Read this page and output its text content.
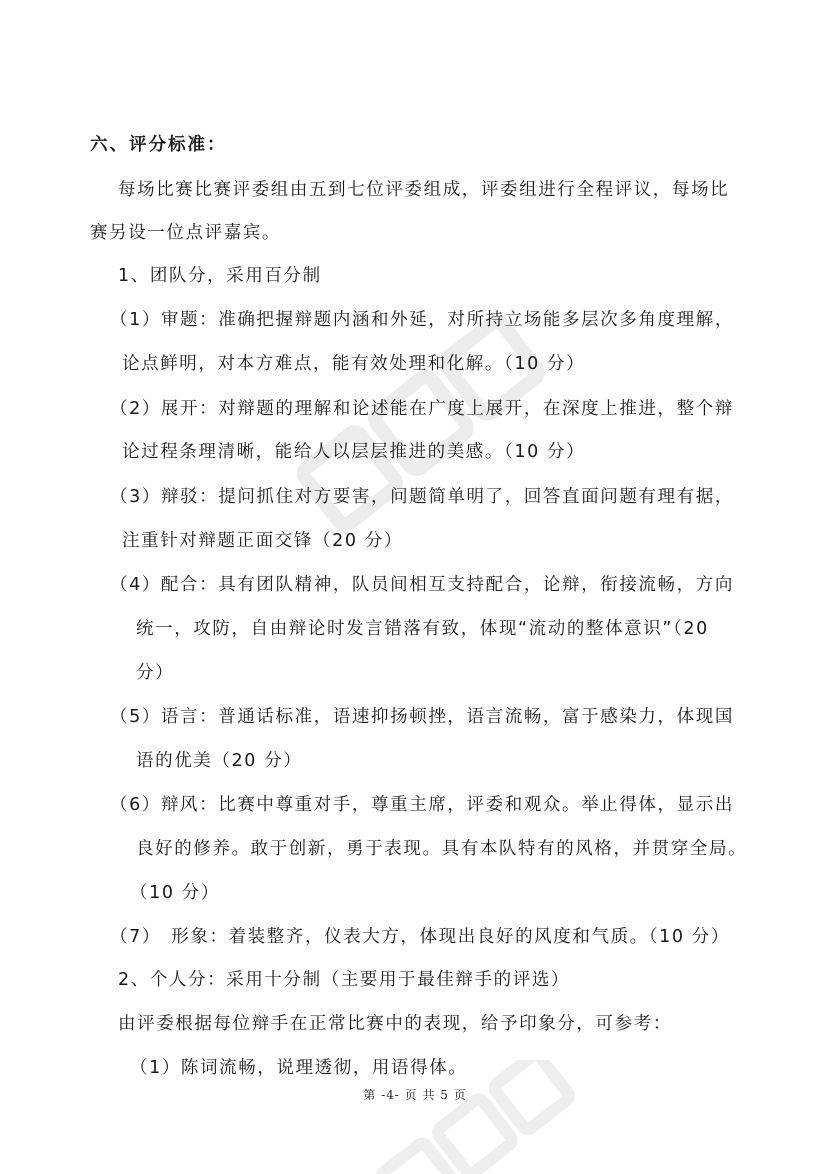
六、评分标准：
每场比赛比赛评委组由五到七位评委组成，评委组进行全程评议，每场比
赛另设一位点评嘉宾。
1、团队分，采用百分制
（1）审题：准确把握辩题内涵和外延，对所持立场能多层次多角度理解，
论点鲜明，对本方难点，能有效处理和化解。（10 分）
（2）展开：对辩题的理解和论述能在广度上展开，在深度上推进，整个辩
论过程条理清晰，能给人以层层推进的美感。（10 分）
（3）辩驳：提问抓住对方要害，问题简单明了，回答直面问题有理有据，
注重针对辩题正面交锋（20 分）
（4）配合：具有团队精神，队员间相互支持配合，论辩，衔接流畅，方向
统一，攻防，自由辩论时发言错落有致，体现“流动的整体意识”（20
分）
（5）语言：普通话标准，语速抑扬顿挫，语言流畅，富于感染力，体现国
语的优美（20 分）
（6）辩风：比赛中尊重对手，尊重主席，评委和观众。举止得体，显示出
良好的修养。敢于创新，勇于表现。具有本队特有的风格，并贯穿全局。
（10 分）
（7）　形象：着装整齐，仪表大方，体现出良好的风度和气质。（10 分）
2、个人分：采用十分制（主要用于最佳辩手的评选）
由评委根据每位辩手在正常比赛中的表现，给予印象分，可参考：
（1）陈词流畅，说理透彻，用语得体。
第 -4- 页 共 5 页
